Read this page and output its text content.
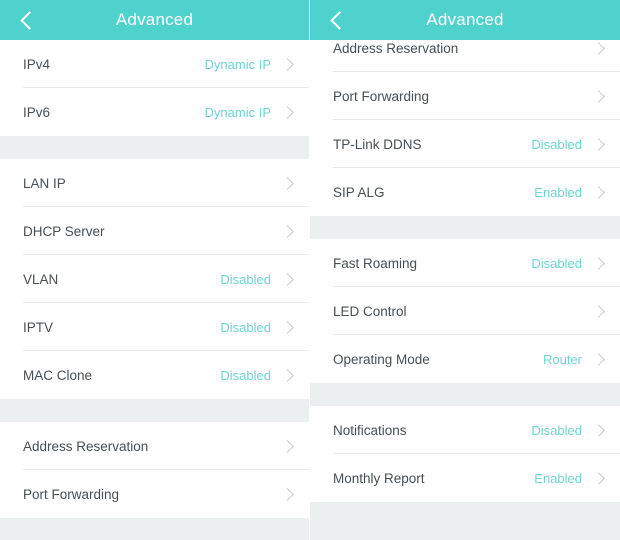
Advanced
IPv4	Dynamic IP
IPv6	Dynamic IP
LAN IP
DHCP Server
VLAN	Disabled
IPTV	Disabled
MAC Clone	Disabled
Address Reservation
Port Forwarding
Advanced
Address Reservation
Port Forwarding
TP-Link DDNS	Disabled
SIP ALG	Enabled
Fast Roaming	Disabled
LED Control
Operating Mode	Router
Notifications	Disabled
Monthly Report	Enabled
